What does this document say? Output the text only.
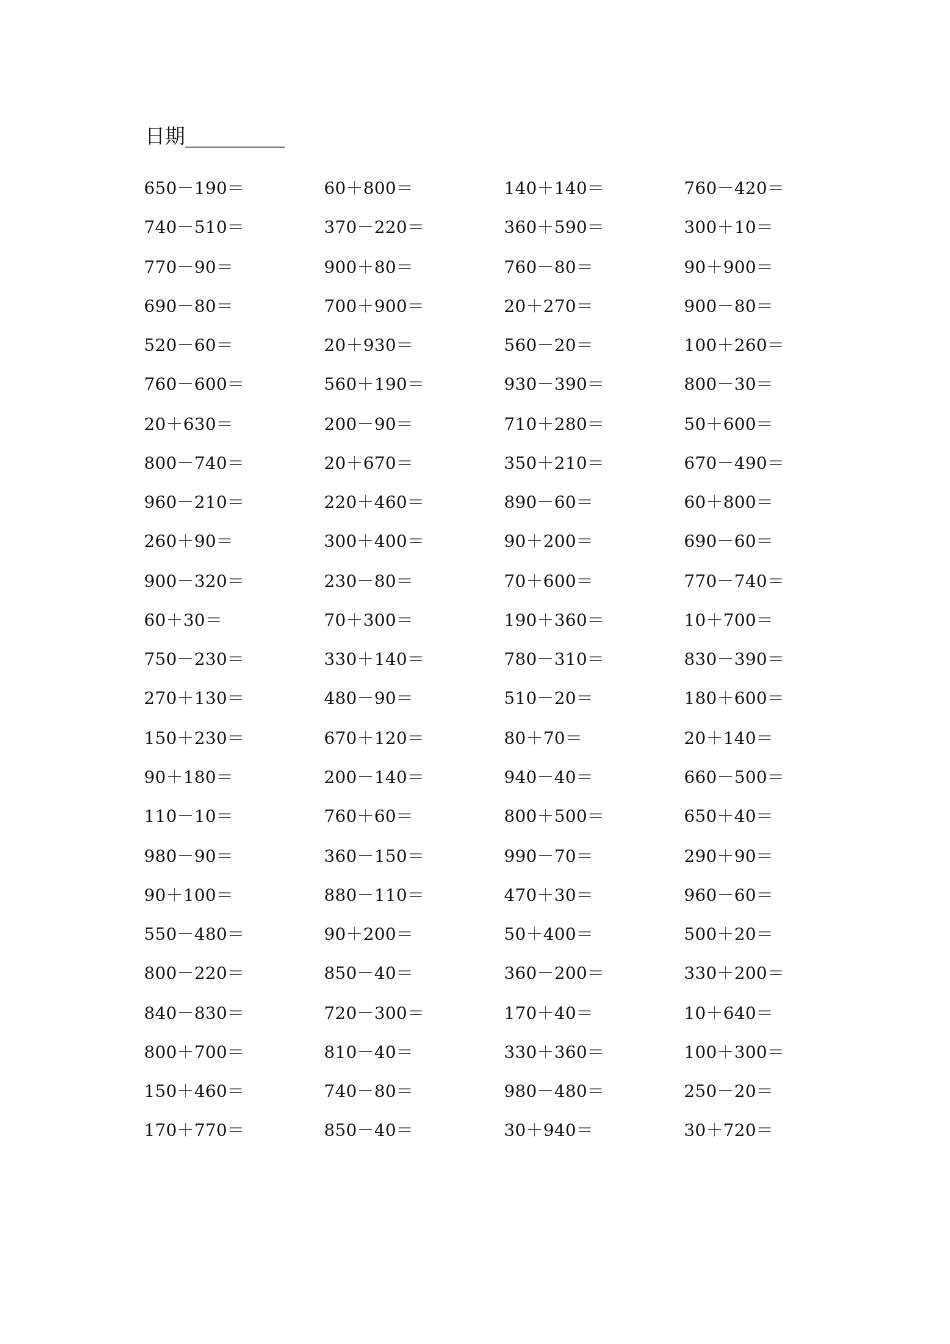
日期__________
650－190＝	60＋800＝	140＋140＝	760－420＝
740－510＝	370－220＝	360＋590＝	300＋10＝
770－90＝	900＋80＝	760－80＝	90＋900＝
690－80＝	700＋900＝	20＋270＝	900－80＝
520－60＝	20＋930＝	560－20＝	100＋260＝
760－600＝	560＋190＝	930－390＝	800－30＝
20＋630＝	200－90＝	710＋280＝	50＋600＝
800－740＝	20＋670＝	350＋210＝	670－490＝
960－210＝	220＋460＝	890－60＝	60＋800＝
260＋90＝	300＋400＝	90＋200＝	690－60＝
900－320＝	230－80＝	70＋600＝	770－740＝
60＋30＝	70＋300＝	190＋360＝	10＋700＝
750－230＝	330＋140＝	780－310＝	830－390＝
270＋130＝	480－90＝	510－20＝	180＋600＝
150＋230＝	670＋120＝	80＋70＝	20＋140＝
90＋180＝	200－140＝	940－40＝	660－500＝
110－10＝	760＋60＝	800＋500＝	650＋40＝
980－90＝	360－150＝	990－70＝	290＋90＝
90＋100＝	880－110＝	470＋30＝	960－60＝
550－480＝	90＋200＝	50＋400＝	500＋20＝
800－220＝	850－40＝	360－200＝	330＋200＝
840－830＝	720－300＝	170＋40＝	10＋640＝
800＋700＝	810－40＝	330＋360＝	100＋300＝
150＋460＝	740－80＝	980－480＝	250－20＝
170＋770＝	850－40＝	30＋940＝	30＋720＝
